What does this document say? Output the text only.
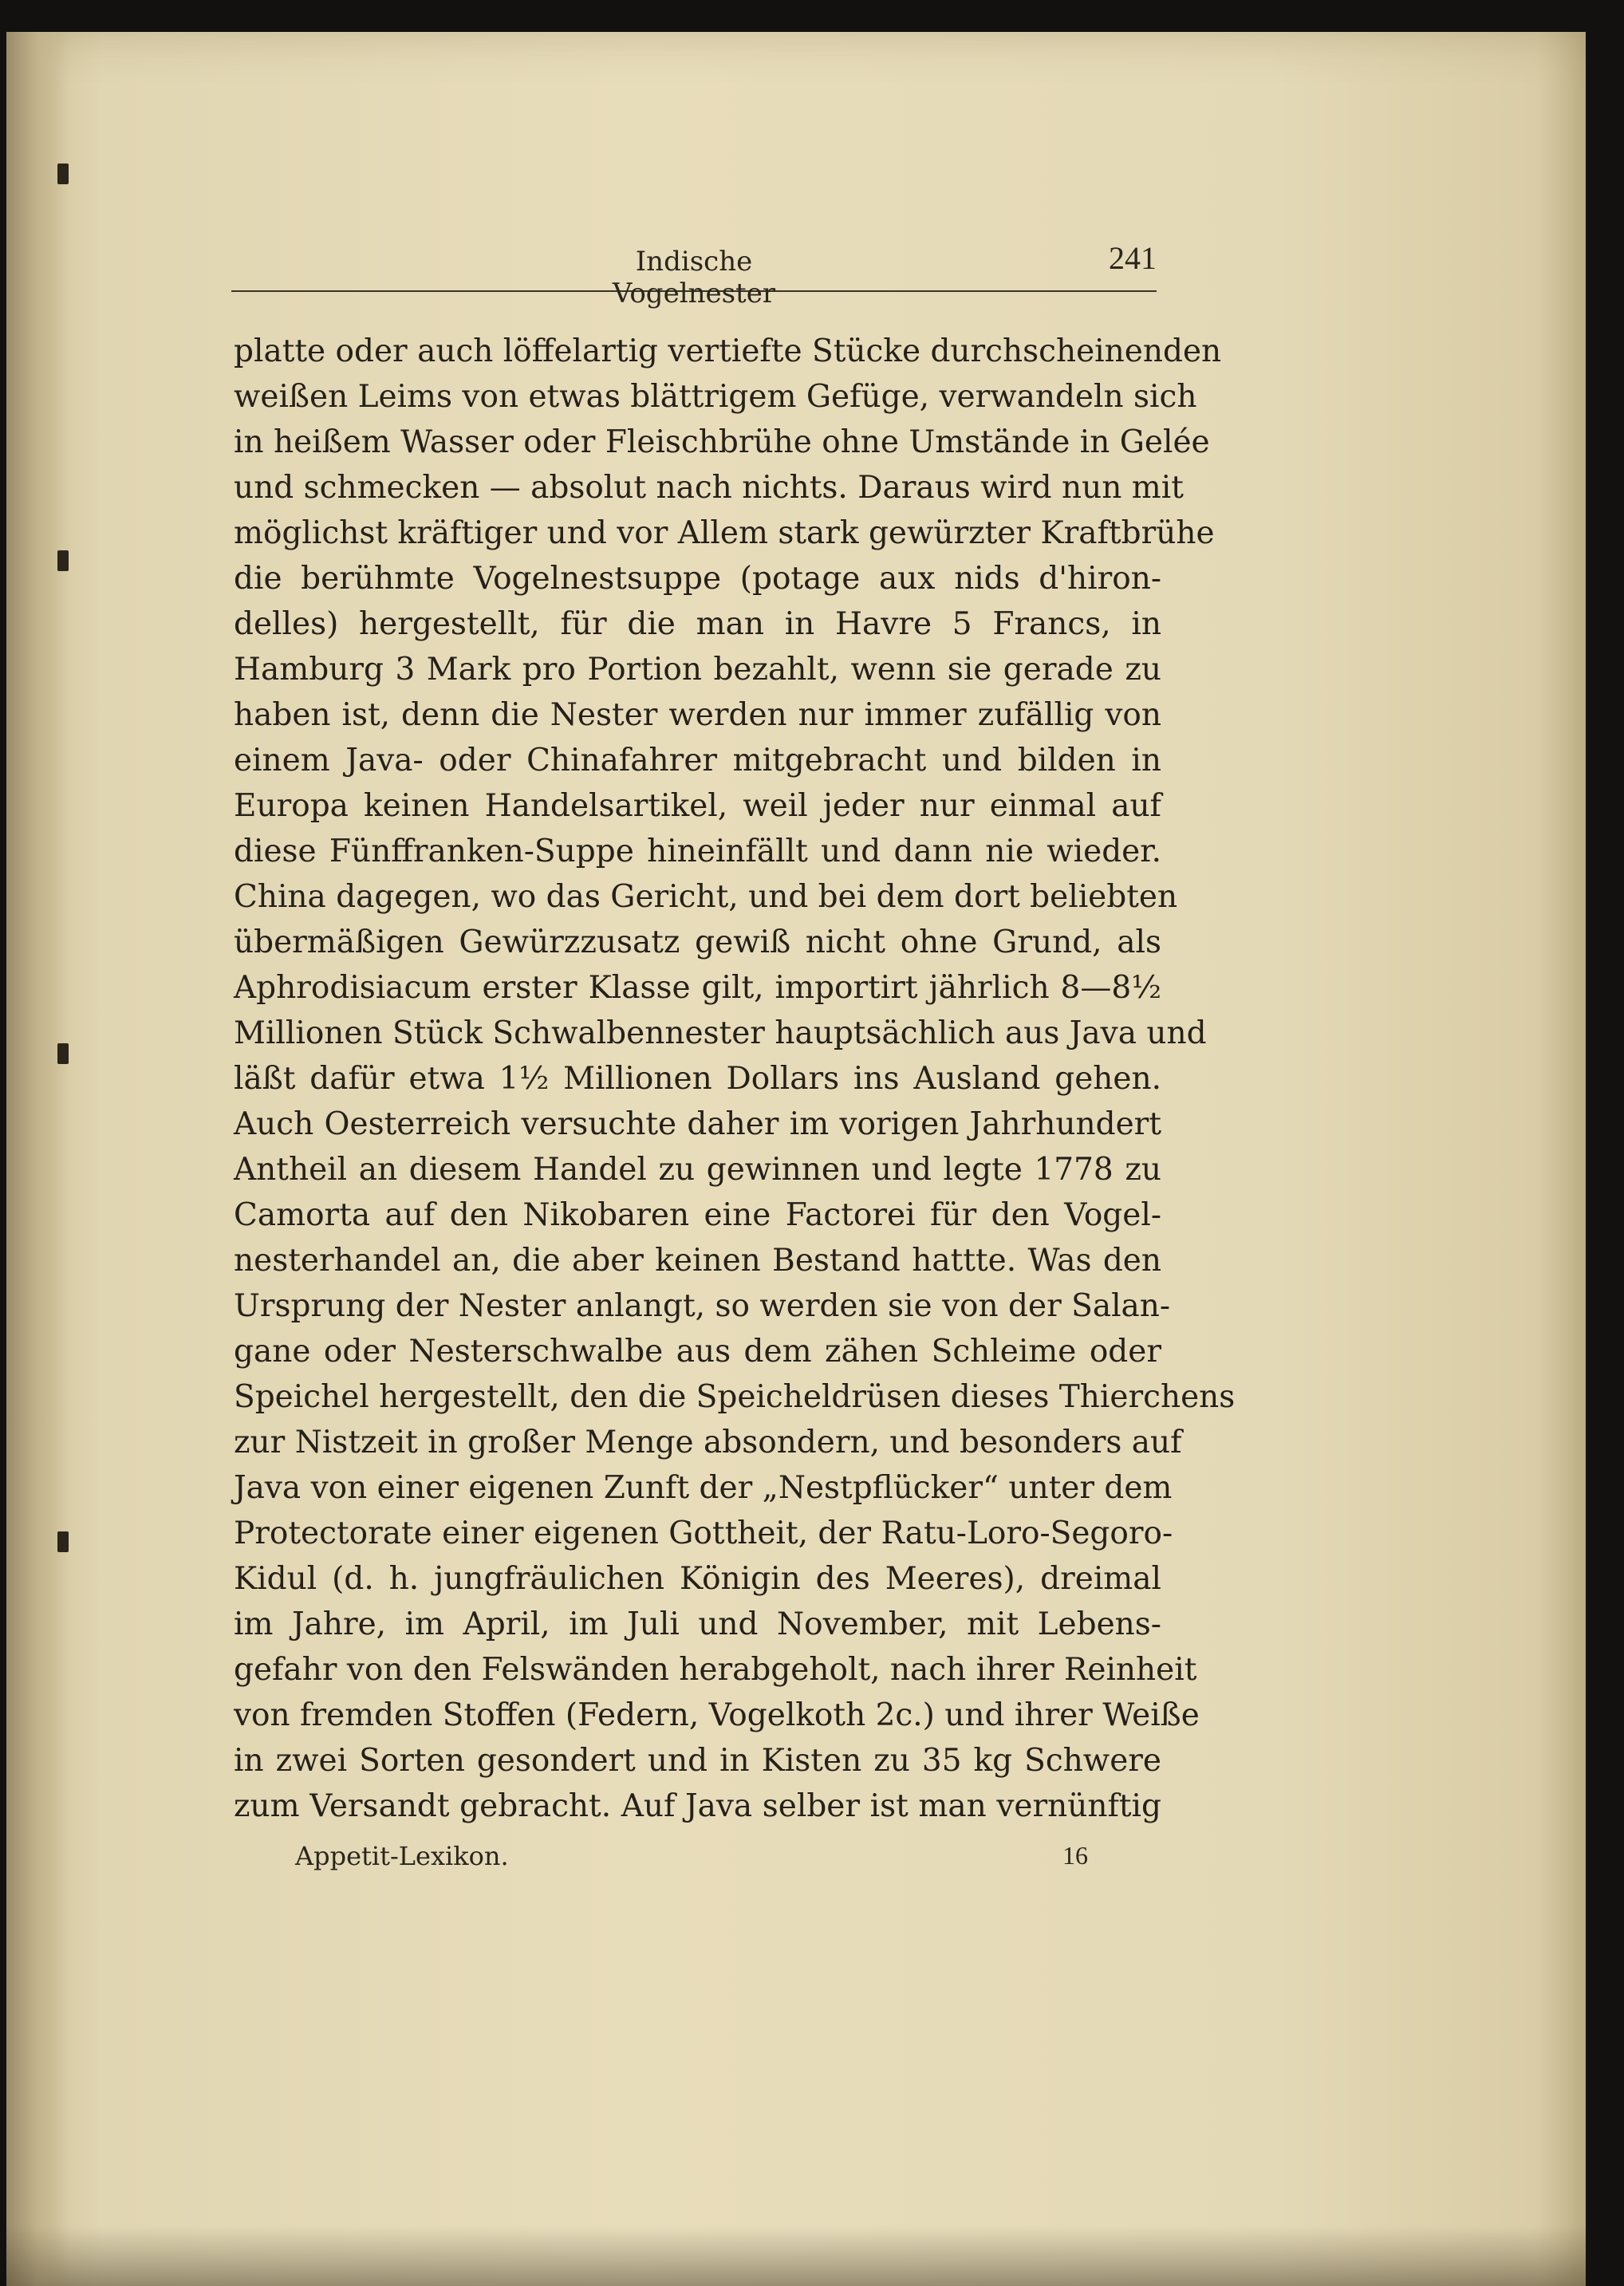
Indische Vogelnester
241
platte oder auch löffelartig vertiefte Stücke durchscheinenden
weißen Leims von etwas blättrigem Gefüge, verwandeln sich
in heißem Wasser oder Fleischbrühe ohne Umstände in Gelée
und schmecken — absolut nach nichts. Daraus wird nun mit
möglichst kräftiger und vor Allem stark gewürzter Kraftbrühe
die berühmte Vogelnestsuppe (potage aux nids d'hiron-
delles) hergestellt, für die man in Havre 5 Francs, in
Hamburg 3 Mark pro Portion bezahlt, wenn sie gerade zu
haben ist, denn die Nester werden nur immer zufällig von
einem Java- oder Chinafahrer mitgebracht und bilden in
Europa keinen Handelsartikel, weil jeder nur einmal auf
diese Fünffranken-Suppe hineinfällt und dann nie wieder.
China dagegen, wo das Gericht, und bei dem dort beliebten
übermäßigen Gewürzzusatz gewiß nicht ohne Grund, als
Aphrodisiacum erster Klasse gilt, importirt jährlich 8—8½
Millionen Stück Schwalbennester hauptsächlich aus Java und
läßt dafür etwa 1½ Millionen Dollars ins Ausland gehen.
Auch Oesterreich versuchte daher im vorigen Jahrhundert
Antheil an diesem Handel zu gewinnen und legte 1778 zu
Camorta auf den Nikobaren eine Factorei für den Vogel-
nesterhandel an, die aber keinen Bestand hattte. Was den
Ursprung der Nester anlangt, so werden sie von der Salan-
gane oder Nesterschwalbe aus dem zähen Schleime oder
Speichel hergestellt, den die Speicheldrüsen dieses Thierchens
zur Nistzeit in großer Menge absondern, und besonders auf
Java von einer eigenen Zunft der „Nestpflücker“ unter dem
Protectorate einer eigenen Gottheit, der Ratu-Loro-Segoro-
Kidul (d. h. jungfräulichen Königin des Meeres), dreimal
im Jahre, im April, im Juli und November, mit Lebens-
gefahr von den Felswänden herabgeholt, nach ihrer Reinheit
von fremden Stoffen (Federn, Vogelkoth 2c.) und ihrer Weiße
in zwei Sorten gesondert und in Kisten zu 35 kg Schwere
zum Versandt gebracht. Auf Java selber ist man vernünftig
Appetit-Lexikon.	16
